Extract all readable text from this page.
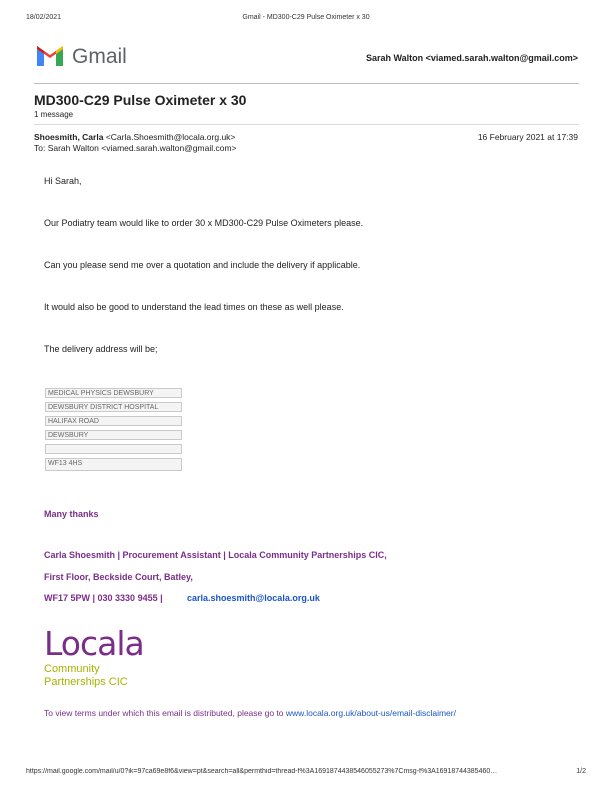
18/02/2021	Gmail - MD300-C29 Pulse Oximeter x 30
Gmail	Sarah Walton <viamed.sarah.walton@gmail.com>
MD300-C29 Pulse Oximeter x 30
1 message
Shoesmith, Carla <Carla.Shoesmith@locala.org.uk>	16 February 2021 at 17:39
To: Sarah Walton <viamed.sarah.walton@gmail.com>
Hi Sarah,
Our Podiatry team would like to order 30 x MD300-C29 Pulse Oximeters please.
Can you please send me over a quotation and include the delivery if applicable.
It would also be good to understand the lead times on these as well please.
The delivery address will be;
MEDICAL PHYSICS DEWSBURY
DEWSBURY DISTRICT HOSPITAL
HALIFAX ROAD
DEWSBURY
WF13 4HS
Many thanks
Carla Shoesmith | Procurement Assistant | Locala Community Partnerships CIC,
First Floor, Beckside Court, Batley,
WF17 5PW | 030 3330 9455 |	carla.shoesmith@locala.org.uk
Locala
Community
Partnerships CIC
To view terms under which this email is distributed, please go to www.locala.org.uk/about-us/email-disclaimer/
https://mail.google.com/mail/u/0?ik=97ca69e8f6&view=pt&search=all&permthid=thread-f%3A1691874438546055273%7Cmsg-f%3A16918744385460…	1/2
